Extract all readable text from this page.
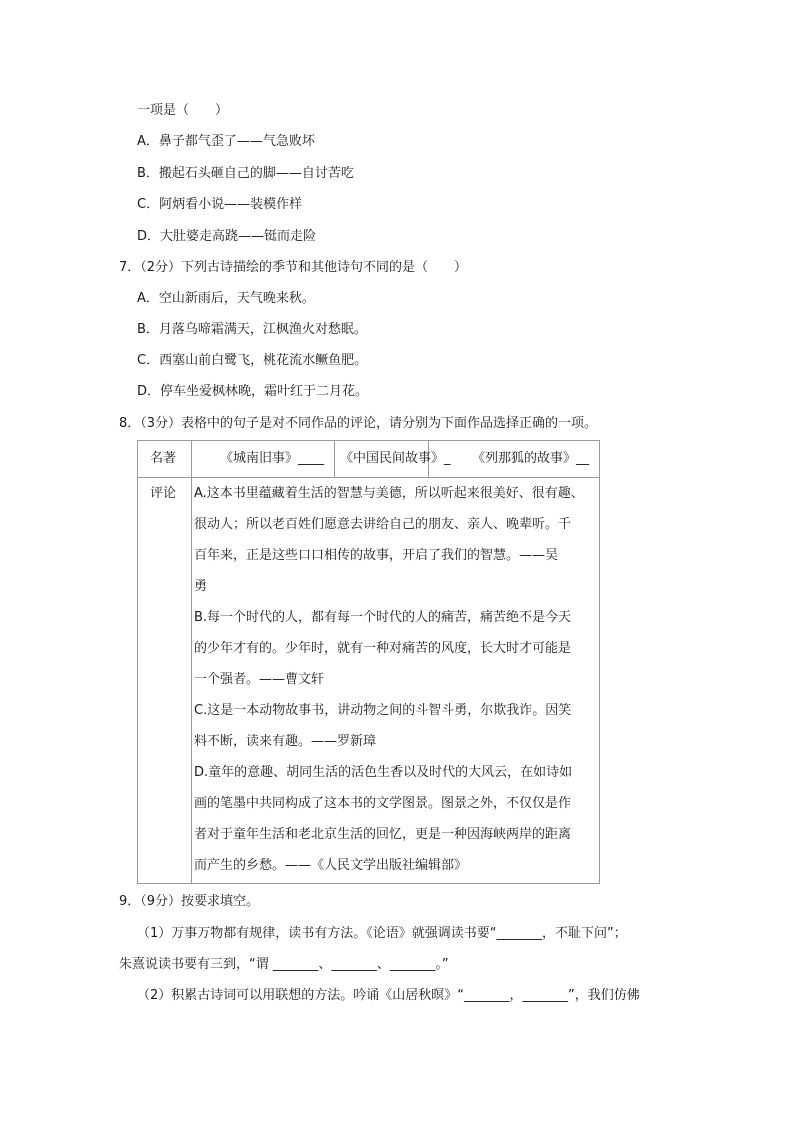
一项是（　　）
A．鼻子都气歪了——气急败坏
B．搬起石头砸自己的脚——自讨苦吃
C．阿炳看小说——装模作样
D．大肚婆走高跷——铤而走险
7．（2分）下列古诗描绘的季节和其他诗句不同的是（　　）
A．空山新雨后，天气晚来秋。
B．月落乌啼霜满天，江枫渔火对愁眠。
C．西塞山前白鹭飞，桃花流水鳜鱼肥。
D．停车坐爱枫林晚，霜叶红于二月花。
8．（3分）表格中的句子是对不同作品的评论，请分别为下面作品选择正确的一项。
名著	《城南旧事》____ 《中国民间故事》_ 《列那狐的故事》__
评论 A.这本书里蕴藏着生活的智慧与美德，所以听起来很美好、很有趣、
很动人；所以老百姓们愿意去讲给自己的朋友、亲人、晚辈听。千
百年来，正是这些口口相传的故事，开启了我们的智慧。——吴
勇
B.每一个时代的人，都有每一个时代的人的痛苦，痛苦绝不是今天
的少年才有的。少年时，就有一种对痛苦的风度，长大时才可能是
一个强者。——曹文轩
C.这是一本动物故事书，讲动物之间的斗智斗勇，尔欺我诈。因笑
料不断，读来有趣。——罗新璋
D.童年的意趣、胡同生活的活色生香以及时代的大风云，在如诗如
画的笔墨中共同构成了这本书的文学图景。图景之外，不仅仅是作
者对于童年生活和老北京生活的回忆，更是一种因海峡两岸的距离
而产生的乡愁。——《人民文学出版社编辑部》
9．（9分）按要求填空。
（1）万事万物都有规律，读书有方法。《论语》就强调读书要“_______，不耻下问”；
朱熹说读书要有三到，“谓 _______、_______、_______。”
（2）积累古诗词可以用联想的方法。吟诵《山居秋暝》“_______，_______”，我们仿佛
